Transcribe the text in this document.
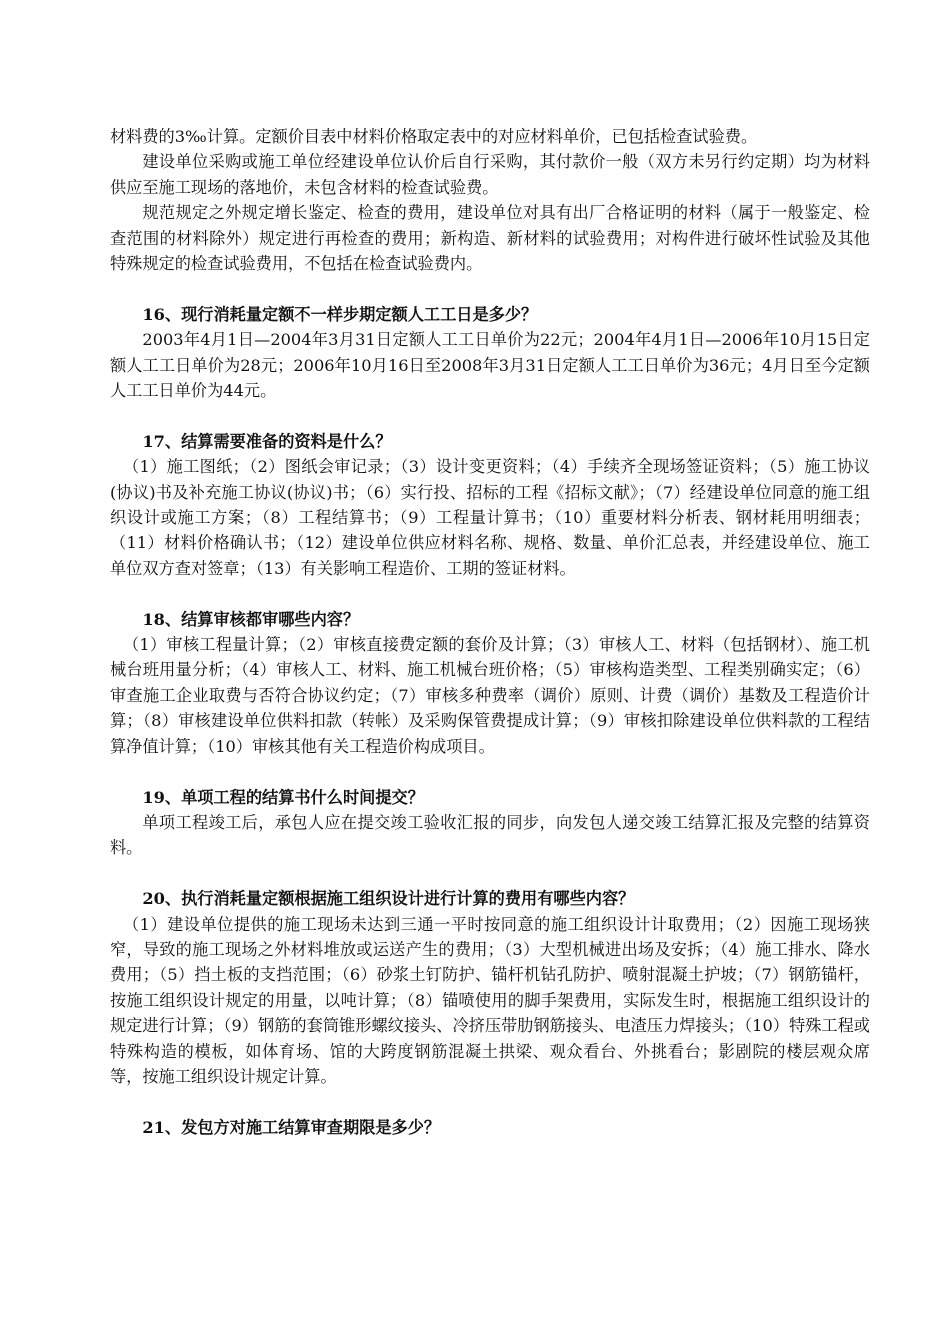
材料费的3‰计算。定额价目表中材料价格取定表中的对应材料单价，已包括检查试验费。

建设单位采购或施工单位经建设单位认价后自行采购，其付款价一般（双方未另行约定期）均为材料供应至施工现场的落地价，未包含材料的检查试验费。

规范规定之外规定增长鉴定、检查的费用，建设单位对具有出厂合格证明的材料（属于一般鉴定、检查范围的材料除外）规定进行再检查的费用；新构造、新材料的试验费用；对构件进行破坏性试验及其他特殊规定的检查试验费用，不包括在检查试验费内。

16、现行消耗量定额不一样步期定额人工工日是多少？

2003年4月1日—2004年3月31日定额人工工日单价为22元；2004年4月1日—2006年10月15日定额人工工日单价为28元；2006年10月16日至2008年3月31日定额人工工日单价为36元；4月日至今定额人工工日单价为44元。

17、结算需要准备的资料是什么？

（1）施工图纸；（2）图纸会审记录；（3）设计变更资料；（4）手续齐全现场签证资料；（5）施工协议(协议)书及补充施工协议(协议)书；（6）实行投、招标的工程《招标文献》；（7）经建设单位同意的施工组织设计或施工方案；（8）工程结算书；（9）工程量计算书；（10）重要材料分析表、钢材耗用明细表；（11）材料价格确认书；（12）建设单位供应材料名称、规格、数量、单价汇总表，并经建设单位、施工单位双方查对签章；（13）有关影响工程造价、工期的签证材料。

18、结算审核都审哪些内容？

（1）审核工程量计算；（2）审核直接费定额的套价及计算；（3）审核人工、材料（包括钢材）、施工机械台班用量分析；（4）审核人工、材料、施工机械台班价格；（5）审核构造类型、工程类别确实定；（6）审查施工企业取费与否符合协议约定；（7）审核多种费率（调价）原则、计费（调价）基数及工程造价计算；（8）审核建设单位供料扣款（转帐）及采购保管费提成计算；（9）审核扣除建设单位供料款的工程结算净值计算；（10）审核其他有关工程造价构成项目。

19、单项工程的结算书什么时间提交？

单项工程竣工后，承包人应在提交竣工验收汇报的同步，向发包人递交竣工结算汇报及完整的结算资料。

20、执行消耗量定额根据施工组织设计进行计算的费用有哪些内容？

（1）建设单位提供的施工现场未达到三通一平时按同意的施工组织设计计取费用；（2）因施工现场狭窄，导致的施工现场之外材料堆放或运送产生的费用；（3）大型机械进出场及安拆；（4）施工排水、降水费用；（5）挡土板的支挡范围；（6）砂浆土钉防护、锚杆机钻孔防护、喷射混凝土护坡；（7）钢筋锚杆，按施工组织设计规定的用量，以吨计算；（8）锚喷使用的脚手架费用，实际发生时，根据施工组织设计的规定进行计算；（9）钢筋的套筒锥形螺纹接头、冷挤压带肋钢筋接头、电渣压力焊接头；（10）特殊工程或特殊构造的模板，如体育场、馆的大跨度钢筋混凝土拱梁、观众看台、外挑看台；影剧院的楼层观众席等，按施工组织设计规定计算。

21、发包方对施工结算审查期限是多少？
